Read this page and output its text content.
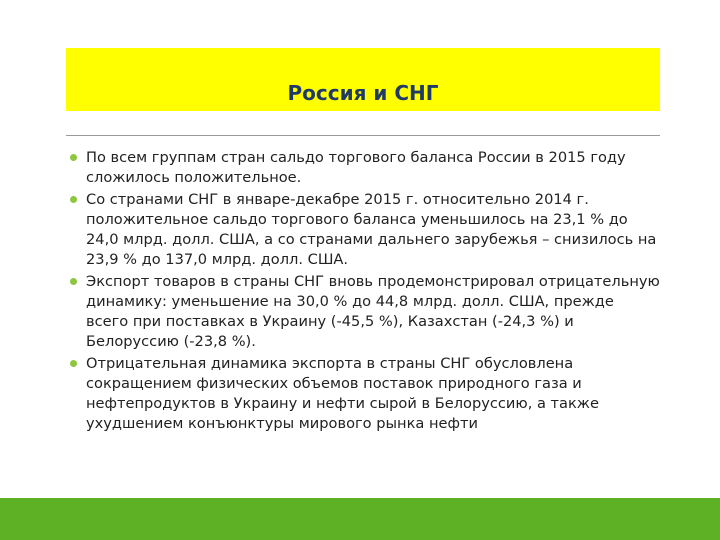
Россия и СНГ
По всем группам стран сальдо торгового баланса России в 2015 году сложилось положительное.
Со странами СНГ в январе-декабре 2015 г. относительно 2014 г. положительное сальдо торгового баланса уменьшилось на 23,1 % до 24,0 млрд. долл. США, а со странами дальнего зарубежья – снизилось на 23,9 % до 137,0 млрд. долл. США.
Экспорт товаров в страны СНГ вновь продемонстрировал отрицательную динамику: уменьшение на 30,0 % до 44,8 млрд. долл. США, прежде всего при поставках в Украину (-45,5 %), Казахстан (-24,3 %) и Белоруссию (-23,8 %).
Отрицательная динамика экспорта в страны СНГ обусловлена сокращением физических объемов поставок природного газа и нефтепродуктов в Украину и нефти сырой в Белоруссию, а также ухудшением конъюнктуры мирового рынка нефти
